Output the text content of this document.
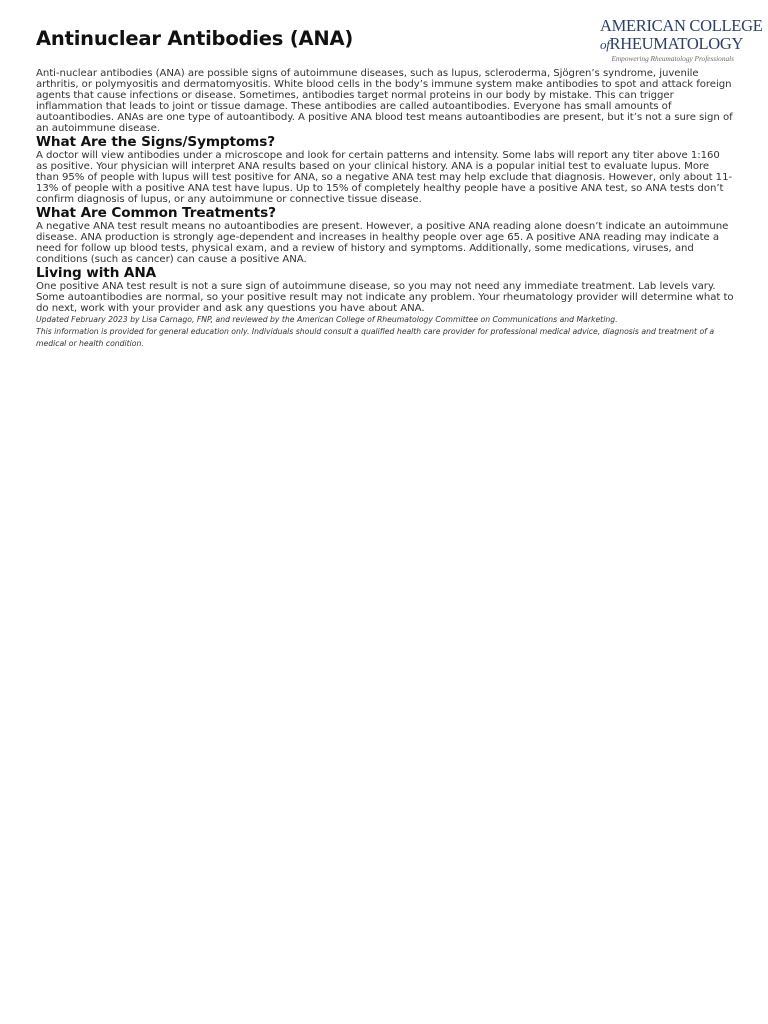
Antinuclear Antibodies (ANA)
AMERICAN COLLEGE
ofRHEUMATOLOGY
Empowering Rheumatology Professionals

Anti-nuclear antibodies (ANA) are possible signs of autoimmune diseases, such as lupus, scleroderma, Sjögren’s syndrome, juvenile arthritis, or polymyositis and dermatomyositis. White blood cells in the body’s immune system make antibodies to spot and attack foreign agents that cause infections or disease. Sometimes, antibodies target normal proteins in our body by mistake. This can trigger inflammation that leads to joint or tissue damage. These antibodies are called autoantibodies. Everyone has small amounts of autoantibodies. ANAs are one type of autoantibody. A positive ANA blood test means autoantibodies are present, but it’s not a sure sign of an autoimmune disease.

What Are the Signs/Symptoms?

A doctor will view antibodies under a microscope and look for certain patterns and intensity. Some labs will report any titer above 1:160 as positive. Your physician will interpret ANA results based on your clinical history. ANA is a popular initial test to evaluate lupus. More than 95% of people with lupus will test positive for ANA, so a negative ANA test may help exclude that diagnosis. However, only about 11-13% of people with a positive ANA test have lupus. Up to 15% of completely healthy people have a positive ANA test, so ANA tests don’t confirm diagnosis of lupus, or any autoimmune or connective tissue disease.

What Are Common Treatments?

A negative ANA test result means no autoantibodies are present. However, a positive ANA reading alone doesn’t indicate an autoimmune disease. ANA production is strongly age-dependent and increases in healthy people over age 65. A positive ANA reading may indicate a need for follow up blood tests, physical exam, and a review of history and symptoms. Additionally, some medications, viruses, and conditions (such as cancer) can cause a positive ANA.

Living with ANA

One positive ANA test result is not a sure sign of autoimmune disease, so you may not need any immediate treatment. Lab levels vary. Some autoantibodies are normal, so your positive result may not indicate any problem. Your rheumatology provider will determine what to do next, work with your provider and ask any questions you have about ANA.

Updated February 2023 by Lisa Carnago, FNP, and reviewed by the American College of Rheumatology Committee on Communications and Marketing.

This information is provided for general education only. Individuals should consult a qualified health care provider for professional medical advice, diagnosis and treatment of a medical or health condition.
